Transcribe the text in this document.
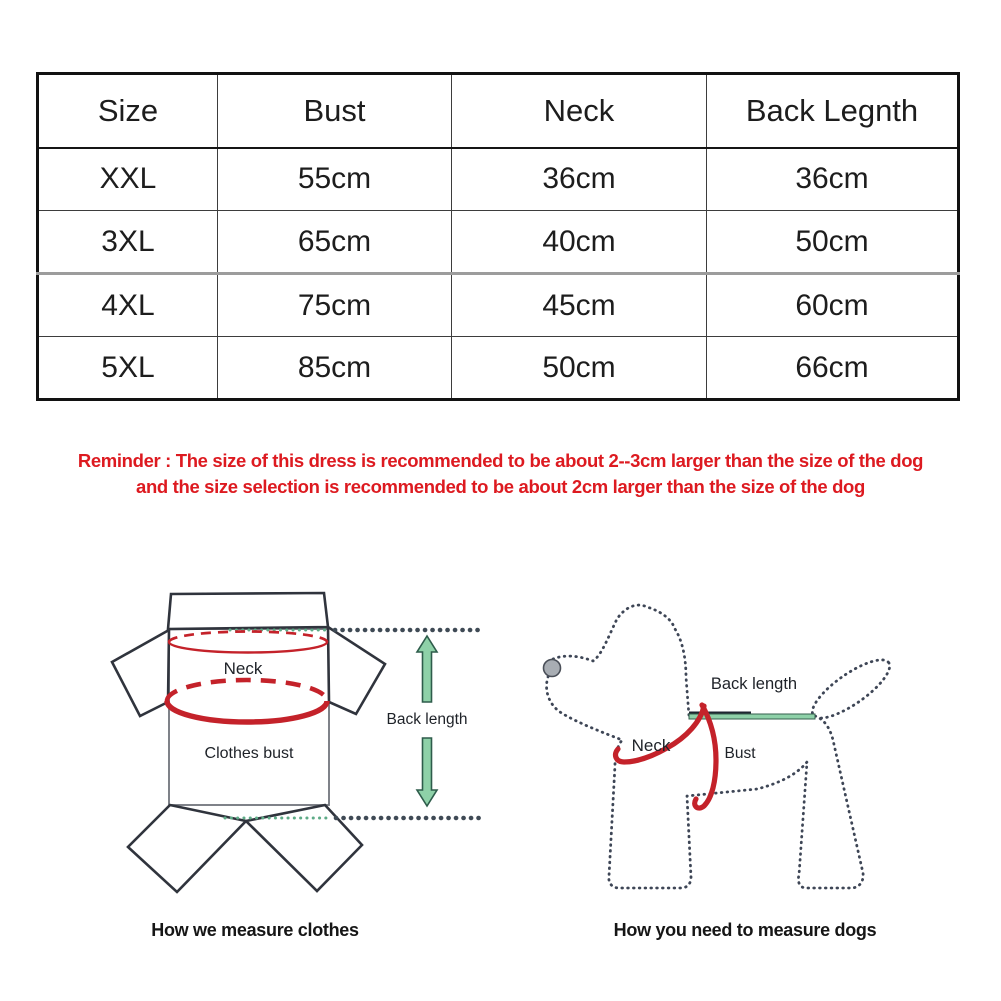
Size	Bust	Neck	Back Legnth
XXL	55cm	36cm	36cm
3XL	65cm	40cm	50cm
4XL	75cm	45cm	60cm
5XL	85cm	50cm	66cm
Reminder : The size of this dress is recommended to be about 2--3cm larger than the size of the dog
and the size selection is recommended to be about 2cm larger than the size of the dog
Neck
Clothes bust
Back length
Back length
Neck	Bust
How we measure clothes	How you need to measure dogs
